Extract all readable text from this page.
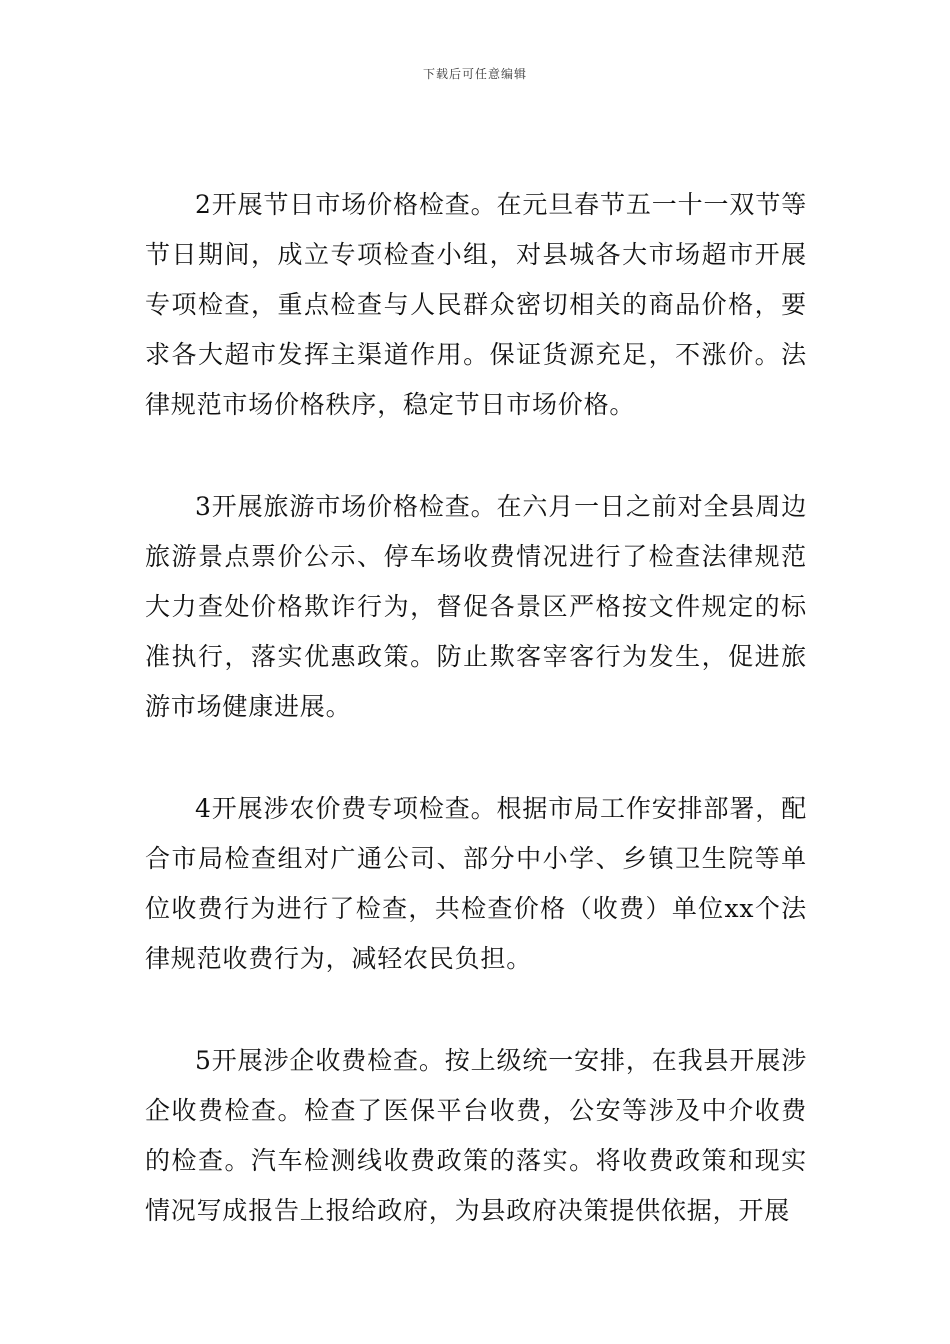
下载后可任意编辑

2开展节日市场价格检查。在元旦春节五一十一双节等节日期间，成立专项检查小组，对县城各大市场超市开展专项检查，重点检查与人民群众密切相关的商品价格，要求各大超市发挥主渠道作用。保证货源充足，不涨价。法律规范市场价格秩序，稳定节日市场价格。

3开展旅游市场价格检查。在六月一日之前对全县周边旅游景点票价公示、停车场收费情况进行了检查法律规范大力查处价格欺诈行为，督促各景区严格按文件规定的标准执行，落实优惠政策。防止欺客宰客行为发生，促进旅游市场健康进展。

4开展涉农价费专项检查。根据市局工作安排部署，配合市局检查组对广通公司、部分中小学、乡镇卫生院等单位收费行为进行了检查，共检查价格（收费）单位xx个法律规范收费行为，减轻农民负担。

5开展涉企收费检查。按上级统一安排，在我县开展涉企收费检查。检查了医保平台收费，公安等涉及中介收费的检查。汽车检测线收费政策的落实。将收费政策和现实情况写成报告上报给政府，为县政府决策提供依据，开展
